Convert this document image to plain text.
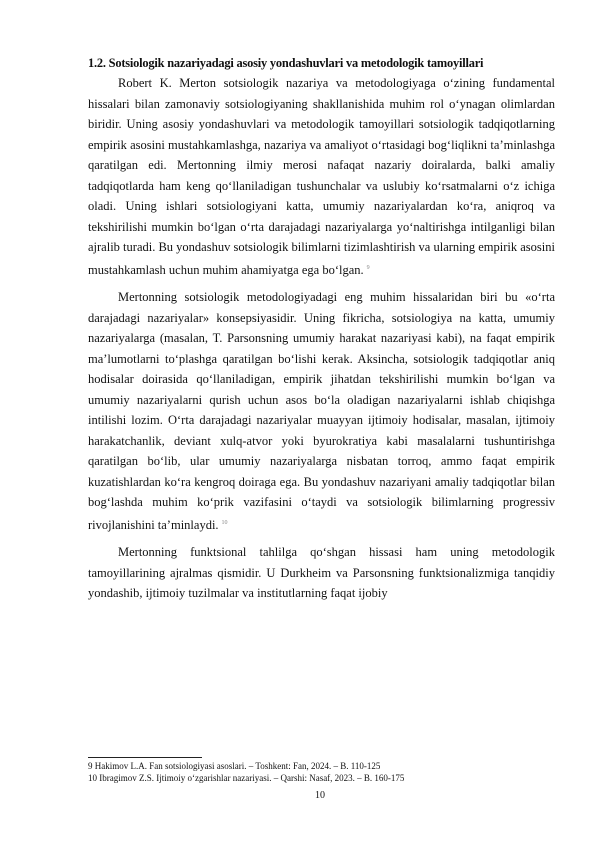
1.2. Sotsiologik nazariyadagi asosiy yondashuvlari va metodologik tamoyillari

Robert K. Merton sotsiologik nazariya va metodologiyaga oʻzining fundamental hissalari bilan zamonaviy sotsiologiyaning shakllanishida muhim rol oʻynagan olimlardan biridir. Uning asosiy yondashuvlari va metodologik tamoyillari sotsiologik tadqiqotlarning empirik asosini mustahkamlashga, nazariya va amaliyot oʻrtasidagi bogʻliqlikni taʼminlashga qaratilgan edi. Mertonning ilmiy merosi nafaqat nazariy doiralarda, balki amaliy tadqiqotlarda ham keng qoʻllaniladigan tushunchalar va uslubiy koʻrsatmalarni oʻz ichiga oladi. Uning ishlari sotsiologiyani katta, umumiy nazariyalardan koʻra, aniqroq va tekshirilishi mumkin boʻlgan oʻrta darajadagi nazariyalarga yoʻnaltirishga intilganligi bilan ajralib turadi. Bu yondashuv sotsiologik bilimlarni tizimlashtirish va ularning empirik asosini mustahkamlash uchun muhim ahamiyatga ega boʻlgan. $^9$

Mertonning sotsiologik metodologiyadagi eng muhim hissalaridan biri bu «oʻrta darajadagi nazariyalar» konsepsiyasidir. Uning fikricha, sotsiologiya na katta, umumiy nazariyalarga (masalan, T. Parsonsning umumiy harakat nazariyasi kabi), na faqat empirik maʼlumotlarni toʻplashga qaratilgan boʻlishi kerak. Aksincha, sotsiologik tadqiqotlar aniq hodisalar doirasida qoʻllaniladigan, empirik jihatdan tekshirilishi mumkin boʻlgan va umumiy nazariyalarni qurish uchun asos boʻla oladigan nazariyalarni ishlab chiqishga intilishi lozim. Oʻrta darajadagi nazariyalar muayyan ijtimoiy hodisalar, masalan, ijtimoiy harakatchanlik, deviant xulq-atvor yoki byurokratiya kabi masalalarni tushuntirishga qaratilgan boʻlib, ular umumiy nazariyalarga nisbatan torroq, ammo faqat empirik kuzatishlardan koʻra kengroq doiraga ega. Bu yondashuv nazariyani amaliy tadqiqotlar bilan bogʻlashda muhim koʻprik vazifasini oʻtaydi va sotsiologik bilimlarning progressiv rivojlanishini taʼminlaydi. $^{10}$

Mertonning funktsional tahlilga qoʻshgan hissasi ham uning metodologik tamoyillarining ajralmas qismidir. U Durkheim va Parsonsning funktsionalizmiga tanqidiy yondashib, ijtimoiy tuzilmalar va institutlarning faqat ijobiy

9 Hakimov L.A. Fan sotsiologiyasi asoslari. – Toshkent: Fan, 2024. – B. 110-125
10 Ibragimov Z.S. Ijtimoiy oʻzgarishlar nazariyasi. – Qarshi: Nasaf, 2023. – B. 160-175
10
